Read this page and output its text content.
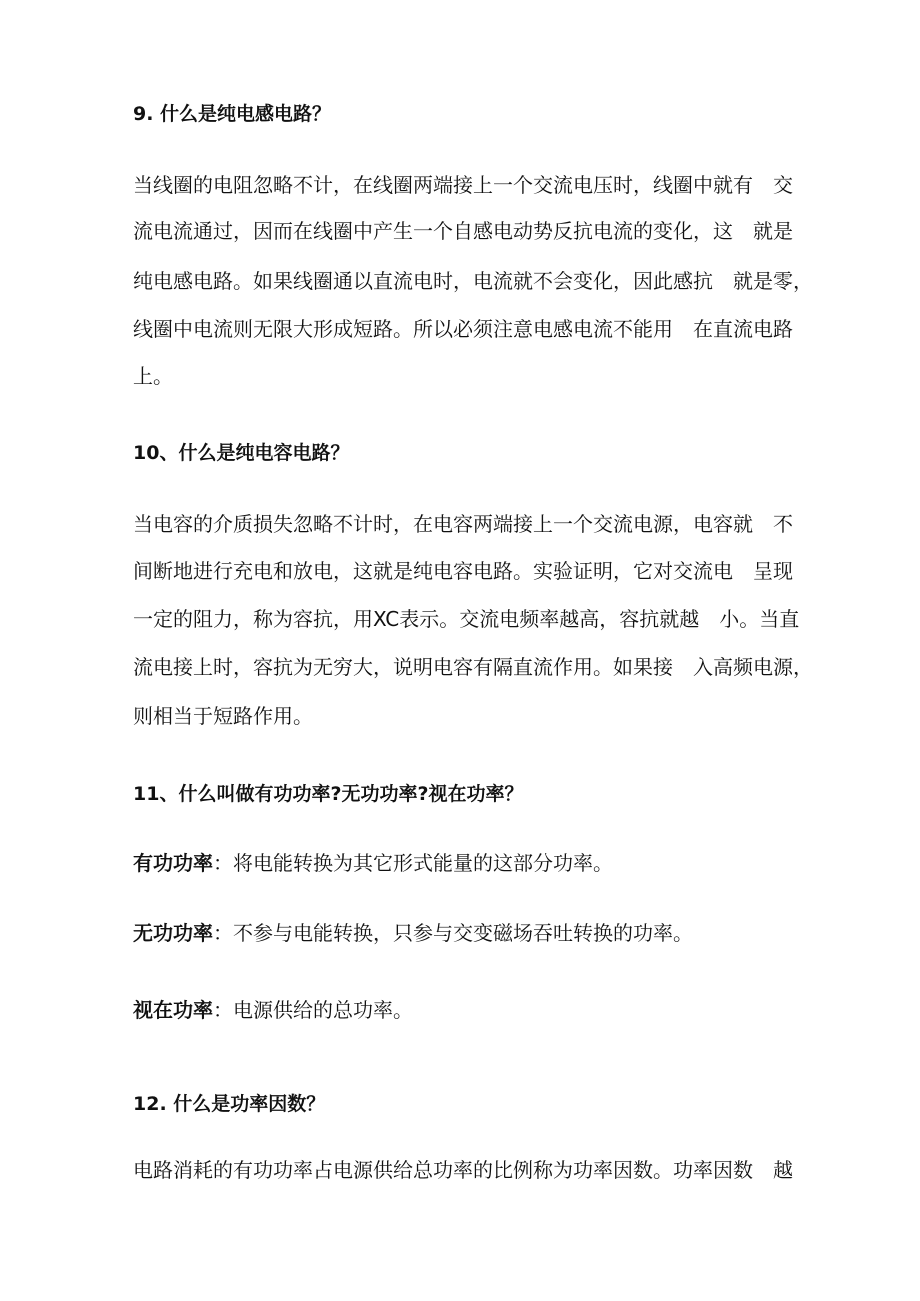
9. 什么是纯电感电路？

当线圈的电阻忽略不计，在线圈两端接上一个交流电压时，线圈中就有　交

流电流通过，因而在线圈中产生一个自感电动势反抗电流的变化，这　就是

纯电感电路。如果线圈通以直流电时，电流就不会变化，因此感抗　就是零，

线圈中电流则无限大形成短路。所以必须注意电感电流不能用　在直流电路

上。

10、什么是纯电容电路？

当电容的介质损失忽略不计时，在电容两端接上一个交流电源，电容就　不

间断地进行充电和放电，这就是纯电容电路。实验证明，它对交流电　呈现

一定的阻力，称为容抗，用XC表示。交流电频率越高，容抗就越　小。当直

流电接上时，容抗为无穷大，说明电容有隔直流作用。如果接　入高频电源，

则相当于短路作用。

11、什么叫做有功功率?无功功率?视在功率？

有功功率：将电能转换为其它形式能量的这部分功率。

无功功率：不参与电能转换，只参与交变磁场吞吐转换的功率。

视在功率：电源供给的总功率。

12. 什么是功率因数？

电路消耗的有功功率占电源供给总功率的比例称为功率因数。功率因数　越
